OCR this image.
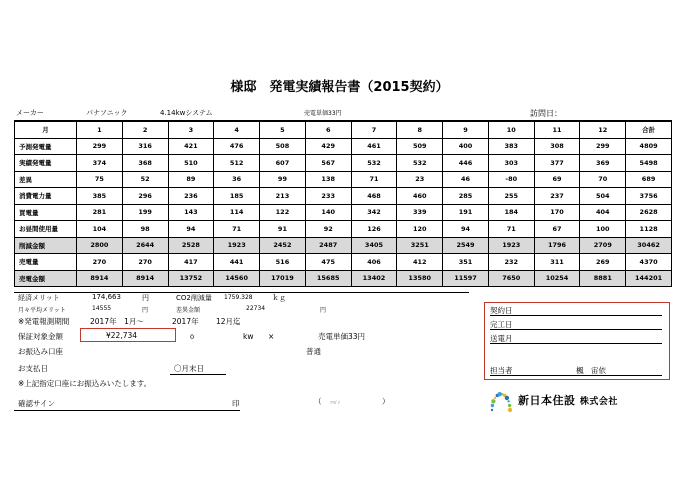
様邸　発電実績報告書（2015契約）
メーカー	パナソニック	4.14kwシステム	売電単価33円	訪問日：
月	1	2	3	4	5	6	7	8	9	10	11	12	合計
予測発電量	299	316	421	476	508	429	461	509	400	383	308	299	4809
実績発電量	374	368	510	512	607	567	532	532	446	303	377	369	5498
差異	75	52	89	36	99	138	71	23	46	-80	69	70	689
消費電力量	385	296	236	185	213	233	468	460	285	255	237	504	3756
買電量	281	199	143	114	122	140	342	339	191	184	170	404	2628
お昼間使用量	104	98	94	71	91	92	126	120	94	71	67	100	1128
削減金額	2800	2644	2528	1923	2452	2487	3405	3251	2549	1923	1796	2709	30462
売電量	270	270	417	441	516	475	406	412	351	232	311	269	4370
売電金額	8914	8914	13752	14560	17019	15685	13402	13580	11597	7650	10254	8881	144201
経済メリット	174,663	円	CO2削減量 1759.328	ｋｇ
月々平均メリット	14555	円	差異金額	22734	円
※発電報測期間	2017年　1月～	2017年 12月迄
保証対象金額	¥22,734	0	kw ×	売電単価33円
お振込み口座	普通
お支払日	〇月末日
※上記指定口座にお振込みいたします。
確認サイン	印	（ ﾌﾘｶﾞﾅ	）
契約日
完工日
送電月
担当者	楓　宙依
新日本住設 株式会社
